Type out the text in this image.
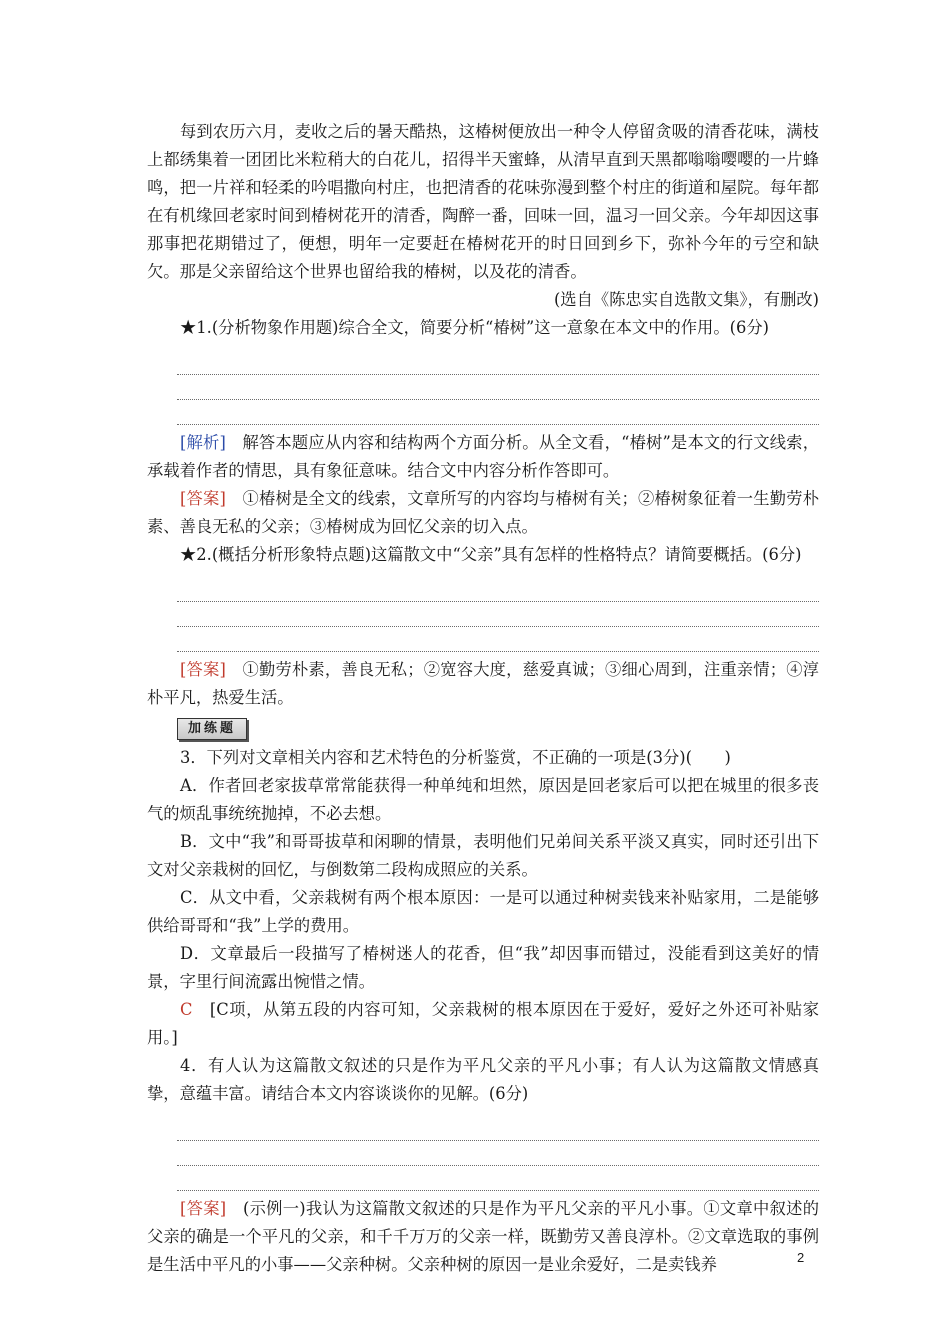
每到农历六月，麦收之后的暑天酷热，这椿树便放出一种令人停留贪吸的清香花味，满枝上都绣集着一团团比米粒稍大的白花儿，招得半天蜜蜂，从清早直到天黑都嗡嗡嘤嘤的一片蜂鸣，把一片祥和轻柔的吟唱撒向村庄，也把清香的花味弥漫到整个村庄的街道和屋院。每年都在有机缘回老家时间到椿树花开的清香，陶醉一番，回味一回，温习一回父亲。今年却因这事那事把花期错过了，便想，明年一定要赶在椿树花开的时日回到乡下，弥补今年的亏空和缺欠。那是父亲留给这个世界也留给我的椿树，以及花的清香。

(选自《陈忠实自选散文集》，有删改)

★1.(分析物象作用题)综合全文，简要分析“椿树”这一意象在本文中的作用。(6分)

[解析]　解答本题应从内容和结构两个方面分析。从全文看，“椿树”是本文的行文线索，承载着作者的情思，具有象征意味。结合文中内容分析作答即可。

[答案]　①椿树是全文的线索，文章所写的内容均与椿树有关；②椿树象征着一生勤劳朴素、善良无私的父亲；③椿树成为回忆父亲的切入点。

★2.(概括分析形象特点题)这篇散文中“父亲”具有怎样的性格特点？请简要概括。(6分)

[答案]　①勤劳朴素，善良无私；②宽容大度，慈爱真诚；③细心周到，注重亲情；④淳朴平凡，热爱生活。

加练题

3．下列对文章相关内容和艺术特色的分析鉴赏，不正确的一项是(3分)(　　)

A．作者回老家拔草常常能获得一种单纯和坦然，原因是回老家后可以把在城里的很多丧气的烦乱事统统抛掉，不必去想。

B．文中“我”和哥哥拔草和闲聊的情景，表明他们兄弟间关系平淡又真实，同时还引出下文对父亲栽树的回忆，与倒数第二段构成照应的关系。

C．从文中看，父亲栽树有两个根本原因：一是可以通过种树卖钱来补贴家用，二是能够供给哥哥和“我”上学的费用。

D．文章最后一段描写了椿树迷人的花香，但“我”却因事而错过，没能看到这美好的情景，字里行间流露出惋惜之情。

C　[C项，从第五段的内容可知，父亲栽树的根本原因在于爱好，爱好之外还可补贴家用。]

4．有人认为这篇散文叙述的只是作为平凡父亲的平凡小事；有人认为这篇散文情感真挚，意蕴丰富。请结合本文内容谈谈你的见解。(6分)

[答案]　(示例一)我认为这篇散文叙述的只是作为平凡父亲的平凡小事。①文章中叙述的父亲的确是一个平凡的父亲，和千千万万的父亲一样，既勤劳又善良淳朴。②文章选取的事例是生活中平凡的小事——父亲种树。父亲种树的原因一是业余爱好，二是卖钱养	2
